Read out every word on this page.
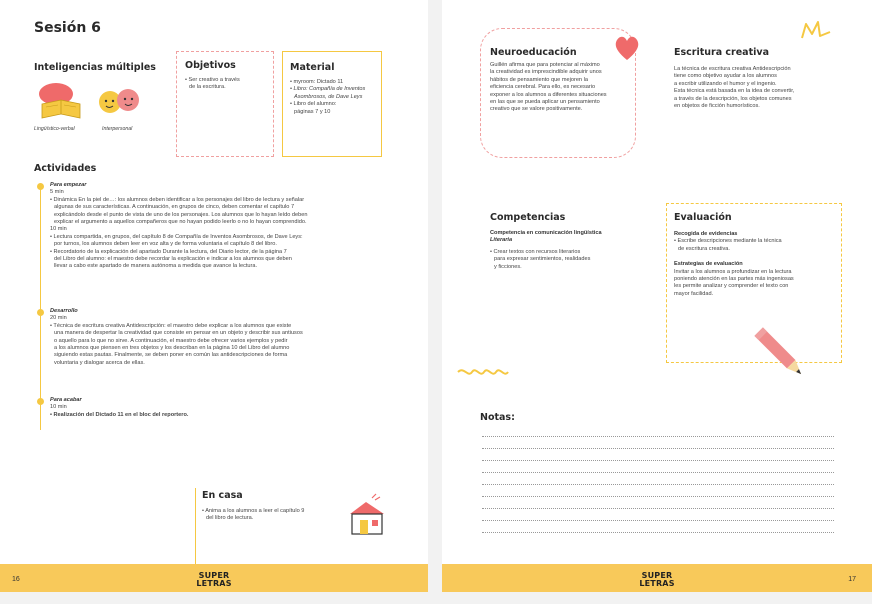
Sesión 6
Inteligencias múltiples
Lingüístico-verbal	Interpersonal
Objetivos
• Ser creativo a través
de la escritura.
Material
• myroom: Dictado 11
• Libro: Compañía de Inventos
Asombrosos, de Dave Leys
• Libro del alumno:
páginas 7 y 10
Actividades
Para empezar
5 min
• Dinámica En la piel de…: los alumnos deben identificar a los personajes del libro de lectura y señalar
algunas de sus características. A continuación, en grupos de cinco, deben comentar el capítulo 7
explicándolo desde el punto de vista de uno de los personajes. Los alumnos que lo hayan leído deben
explicar el argumento a aquellos compañeros que no hayan podido leerlo o no lo hayan comprendido.
10 min
• Lectura compartida, en grupos, del capítulo 8 de Compañía de Inventos Asombrosos, de Dave Leys:
por turnos, los alumnos deben leer en voz alta y de forma voluntaria el capítulo 8 del libro.
• Recordatorio de la explicación del apartado Durante la lectura, del Diario lector, de la página 7
del Libro del alumno: el maestro debe recordar la explicación e indicar a los alumnos que deben
llevar a cabo este apartado de manera autónoma a medida que avance la lectura.
Desarrollo
20 min
• Técnica de escritura creativa Antidescripción: el maestro debe explicar a los alumnos que existe
una manera de despertar la creatividad que consiste en pensar en un objeto y describir sus antiusos
o aquello para lo que no sirve. A continuación, el maestro debe ofrecer varios ejemplos y pedir
a los alumnos que piensen en tres objetos y los describan en la página 10 del Libro del alumno
siguiendo estas pautas. Finalmente, se deben poner en común las antidescripciones de forma
voluntaria y dialogar acerca de ellas.
Para acabar
10 min
• Realización del Dictado 11 en el bloc del reportero.
En casa
• Anima a los alumnos a leer el capítulo 9
del libro de lectura.
16	SUPER
LETRAS
Neuroeducación
Guillén afirma que para potenciar al máximo
la creatividad es imprescindible adquirir unos
hábitos de pensamiento que mejoren la
eficiencia cerebral. Para ello, es necesario
exponer a los alumnos a diferentes situaciones
en las que se pueda aplicar un pensamiento
creativo que se valore positivamente.
Escritura creativa
La técnica de escritura creativa Antidescripción
tiene como objetivo ayudar a los alumnos
a escribir utilizando el humor y el ingenio.
Esta técnica está basada en la idea de convertir,
a través de la descripción, los objetos comunes
en objetos de ficción humorísticos.
Competencias
Competencia en comunicación lingüística
Literaria
• Crear textos con recursos literarios
para expresar sentimientos, realidades
y ficciones.
Evaluación
Recogida de evidencias
• Escribe descripciones mediante la técnica
de escritura creativa.
Estrategias de evaluación
Invitar a los alumnos a profundizar en la lectura
poniendo atención en las partes más ingeniosas
les permite analizar y comprender el texto con
mayor facilidad.
Notas:
17
SUPER
LETRAS
